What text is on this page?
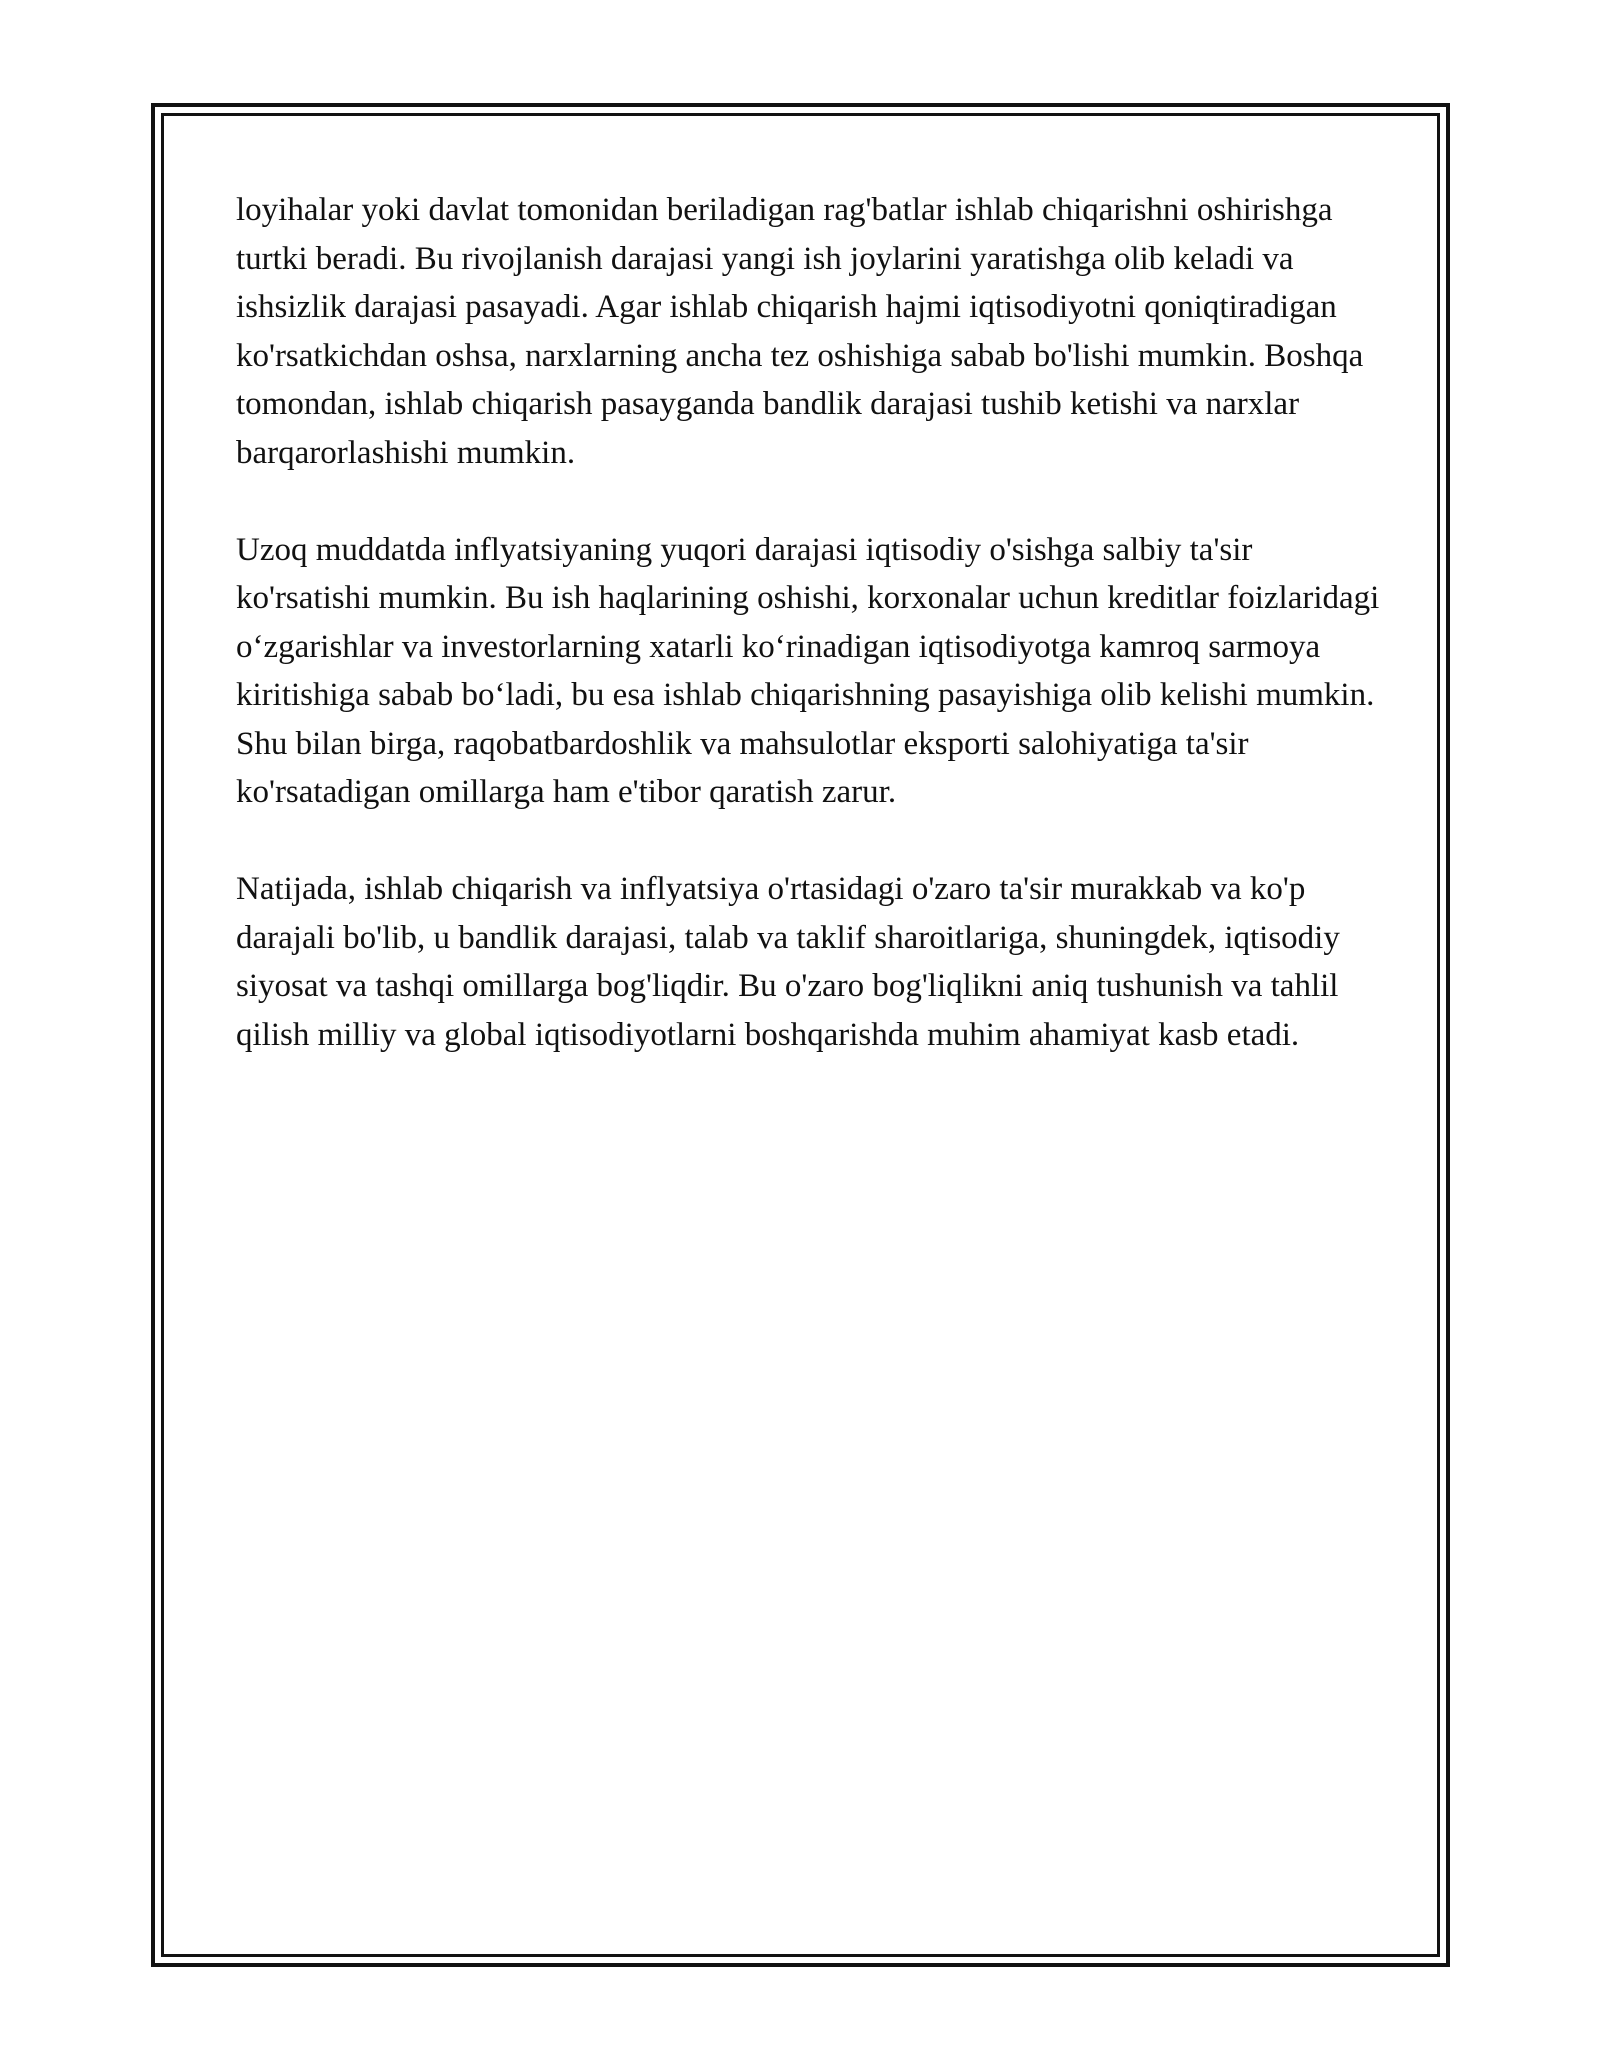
loyihalar yoki davlat tomonidan beriladigan rag'batlar ishlab chiqarishni oshirishga turtki beradi. Bu rivojlanish darajasi yangi ish joylarini yaratishga olib keladi va ishsizlik darajasi pasayadi. Agar ishlab chiqarish hajmi iqtisodiyotni qoniqtiradigan ko'rsatkichdan oshsa, narxlarning ancha tez oshishiga sabab bo'lishi mumkin. Boshqa tomondan, ishlab chiqarish pasayganda bandlik darajasi tushib ketishi va narxlar barqarorlashishi mumkin.

Uzoq muddatda inflyatsiyaning yuqori darajasi iqtisodiy o'sishga salbiy ta'sir ko'rsatishi mumkin. Bu ish haqlarining oshishi, korxonalar uchun kreditlar foizlaridagi o‘zgarishlar va investorlarning xatarli ko‘rinadigan iqtisodiyotga kamroq sarmoya kiritishiga sabab bo‘ladi, bu esa ishlab chiqarishning pasayishiga olib kelishi mumkin. Shu bilan birga, raqobatbardoshlik va mahsulotlar eksporti salohiyatiga ta'sir ko'rsatadigan omillarga ham e'tibor qaratish zarur.

Natijada, ishlab chiqarish va inflyatsiya o'rtasidagi o'zaro ta'sir murakkab va ko'p darajali bo'lib, u bandlik darajasi, talab va taklif sharoitlariga, shuningdek, iqtisodiy siyosat va tashqi omillarga bog'liqdir. Bu o'zaro bog'liqlikni aniq tushunish va tahlil qilish milliy va global iqtisodiyotlarni boshqarishda muhim ahamiyat kasb etadi.
